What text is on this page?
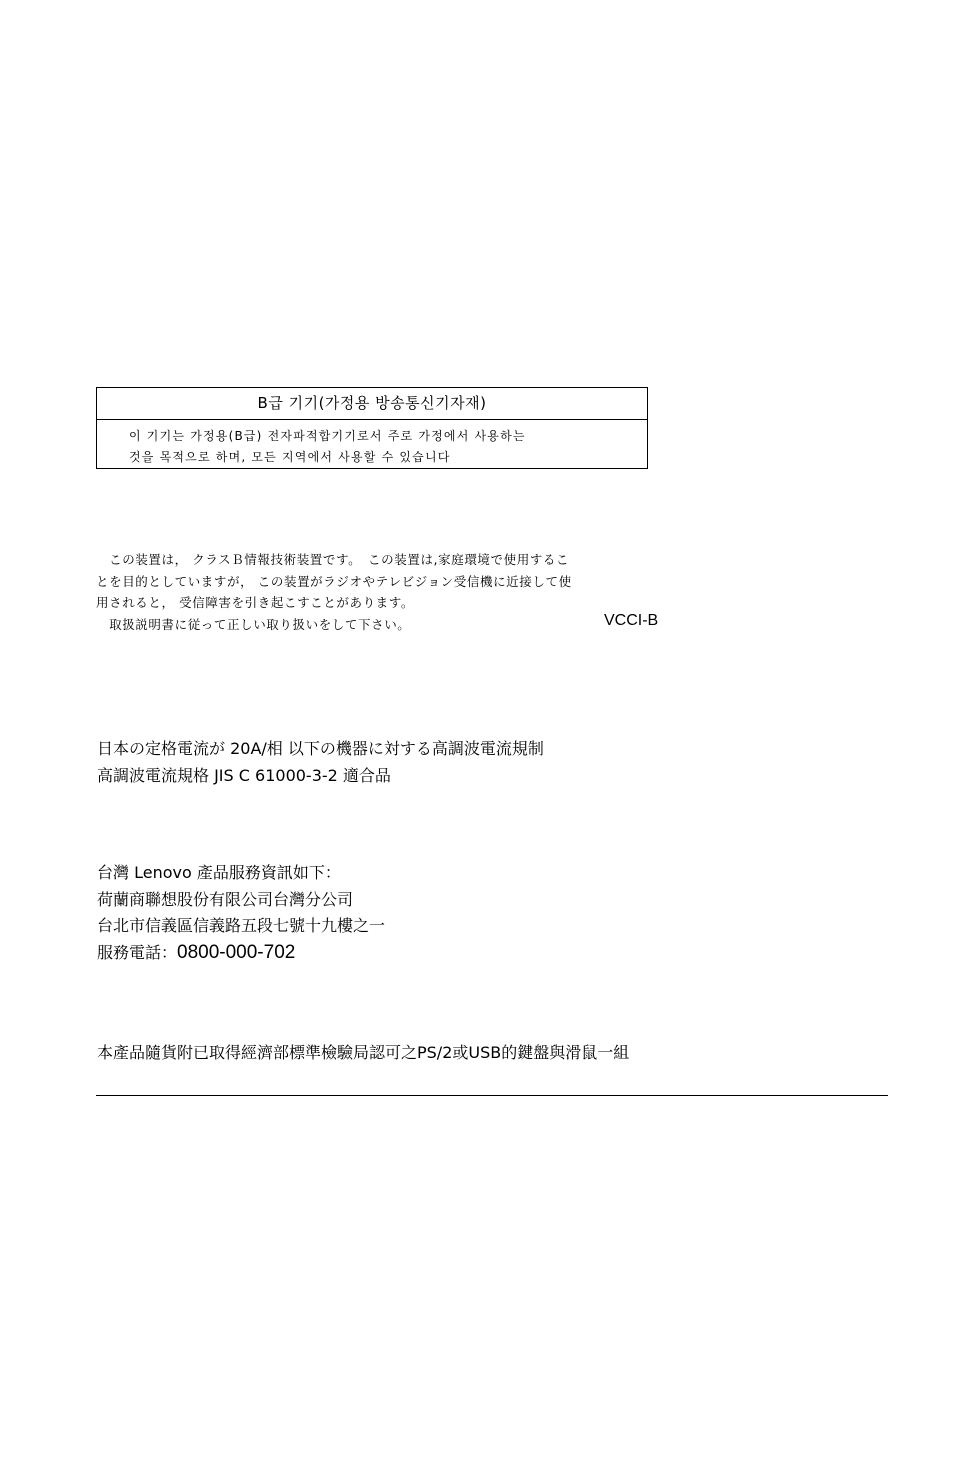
B급 기기(가정용 방송통신기자재)
이 기기는 가정용(B급) 전자파적합기기로서 주로 가정에서 사용하는
것을 목적으로 하며, 모든 지역에서 사용할 수 있습니다
　この装置は， クラスＢ情報技術装置です。　この装置は,家庭環境で使用するこ
とを目的としていますが， この装置がラジオやテレビジョン受信機に近接して使
用されると， 受信障害を引き起こすことがあります。
　取扱説明書に従って正しい取り扱いをして下さい。	VCCI-B
日本の定格電流が 20A/相 以下の機器に対する高調波電流規制
高調波電流規格 JIS C 61000-3-2 適合品
台灣 Lenovo 產品服務資訊如下：
荷蘭商聯想股份有限公司台灣分公司
台北市信義區信義路五段七號十九樓之一
服務電話：0800-000-702
本產品隨貨附已取得經濟部標準檢驗局認可之PS/2或USB的鍵盤與滑鼠一組
